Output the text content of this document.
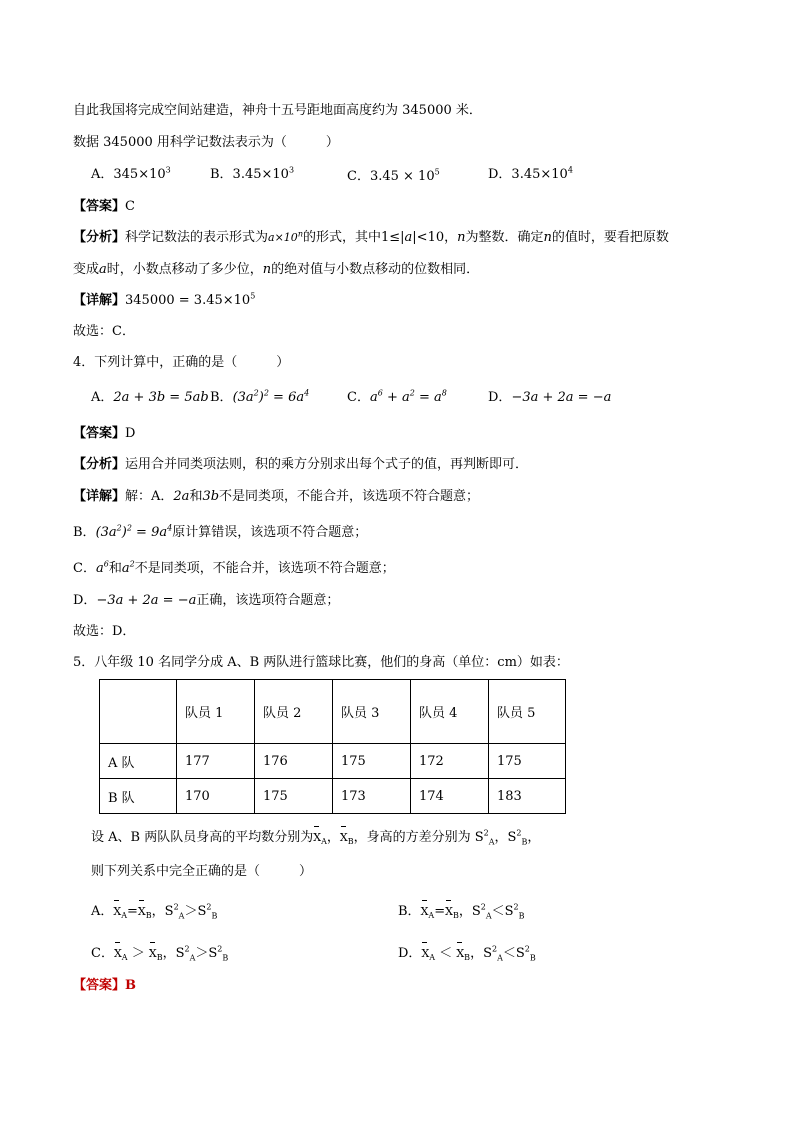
自此我国将完成空间站建造，神舟十五号距地面高度约为 345000 米．
数据 345000 用科学记数法表示为（　　　）
A．$345\times 10^3$	B．$3.45\times 10^3$	C．$3.45 \times 10^5$	D．$3.45\times 10^4$
【答案】C
【分析】科学记数法的表示形式为$a\times 10^n$的形式，其中1≤|a|<10，n为整数．确定n的值时，要看把原数
变成a时，小数点移动了多少位，n的绝对值与小数点移动的位数相同．
【详解】$345000 = 3.45\times 10^5$
故选：C．
4．下列计算中，正确的是（　　　）
A．2a + 3b = 5ab B．$(3a^2)^2 = 6a^4$	C．$a^6 + a^2 = a^8$	D．−3a + 2a = −a
【答案】D
【分析】运用合并同类项法则，积的乘方分别求出每个式子的值，再判断即可．
【详解】解：A．2a和3b不是同类项，不能合并，该选项不符合题意；
B．$(3a^2)^2 = 9a^4$原计算错误，该选项不符合题意；
C．$a^6$和$a^2$不是同类项，不能合并，该选项不符合题意；
D．−3a + 2a = −a正确，该选项符合题意；
故选：D．
5．八年级 10 名同学分成 A、B 两队进行篮球比赛，他们的身高（单位：cm）如表：
	队员 1	队员 2	队员 3	队员 4	队员 5
A 队	177	176	175	172	175
B 队	170	175	173	174	183
设 A、B 两队队员身高的平均数分别为$X_A$，$X_B$，身高的方差分别为 $S^2_A$，$S^2_B$，
则下列关系中完全正确的是（　　　）
A．$X_A=X_B$，$S^2_A>S^2_B$	B．$X_A=X_B$，$S^2_A<S^2_B$
C．$X_A > X_B$，$S^2_A>S^2_B$	D．$X_A < X_B$，$S^2_A<S^2_B$
【答案】B
